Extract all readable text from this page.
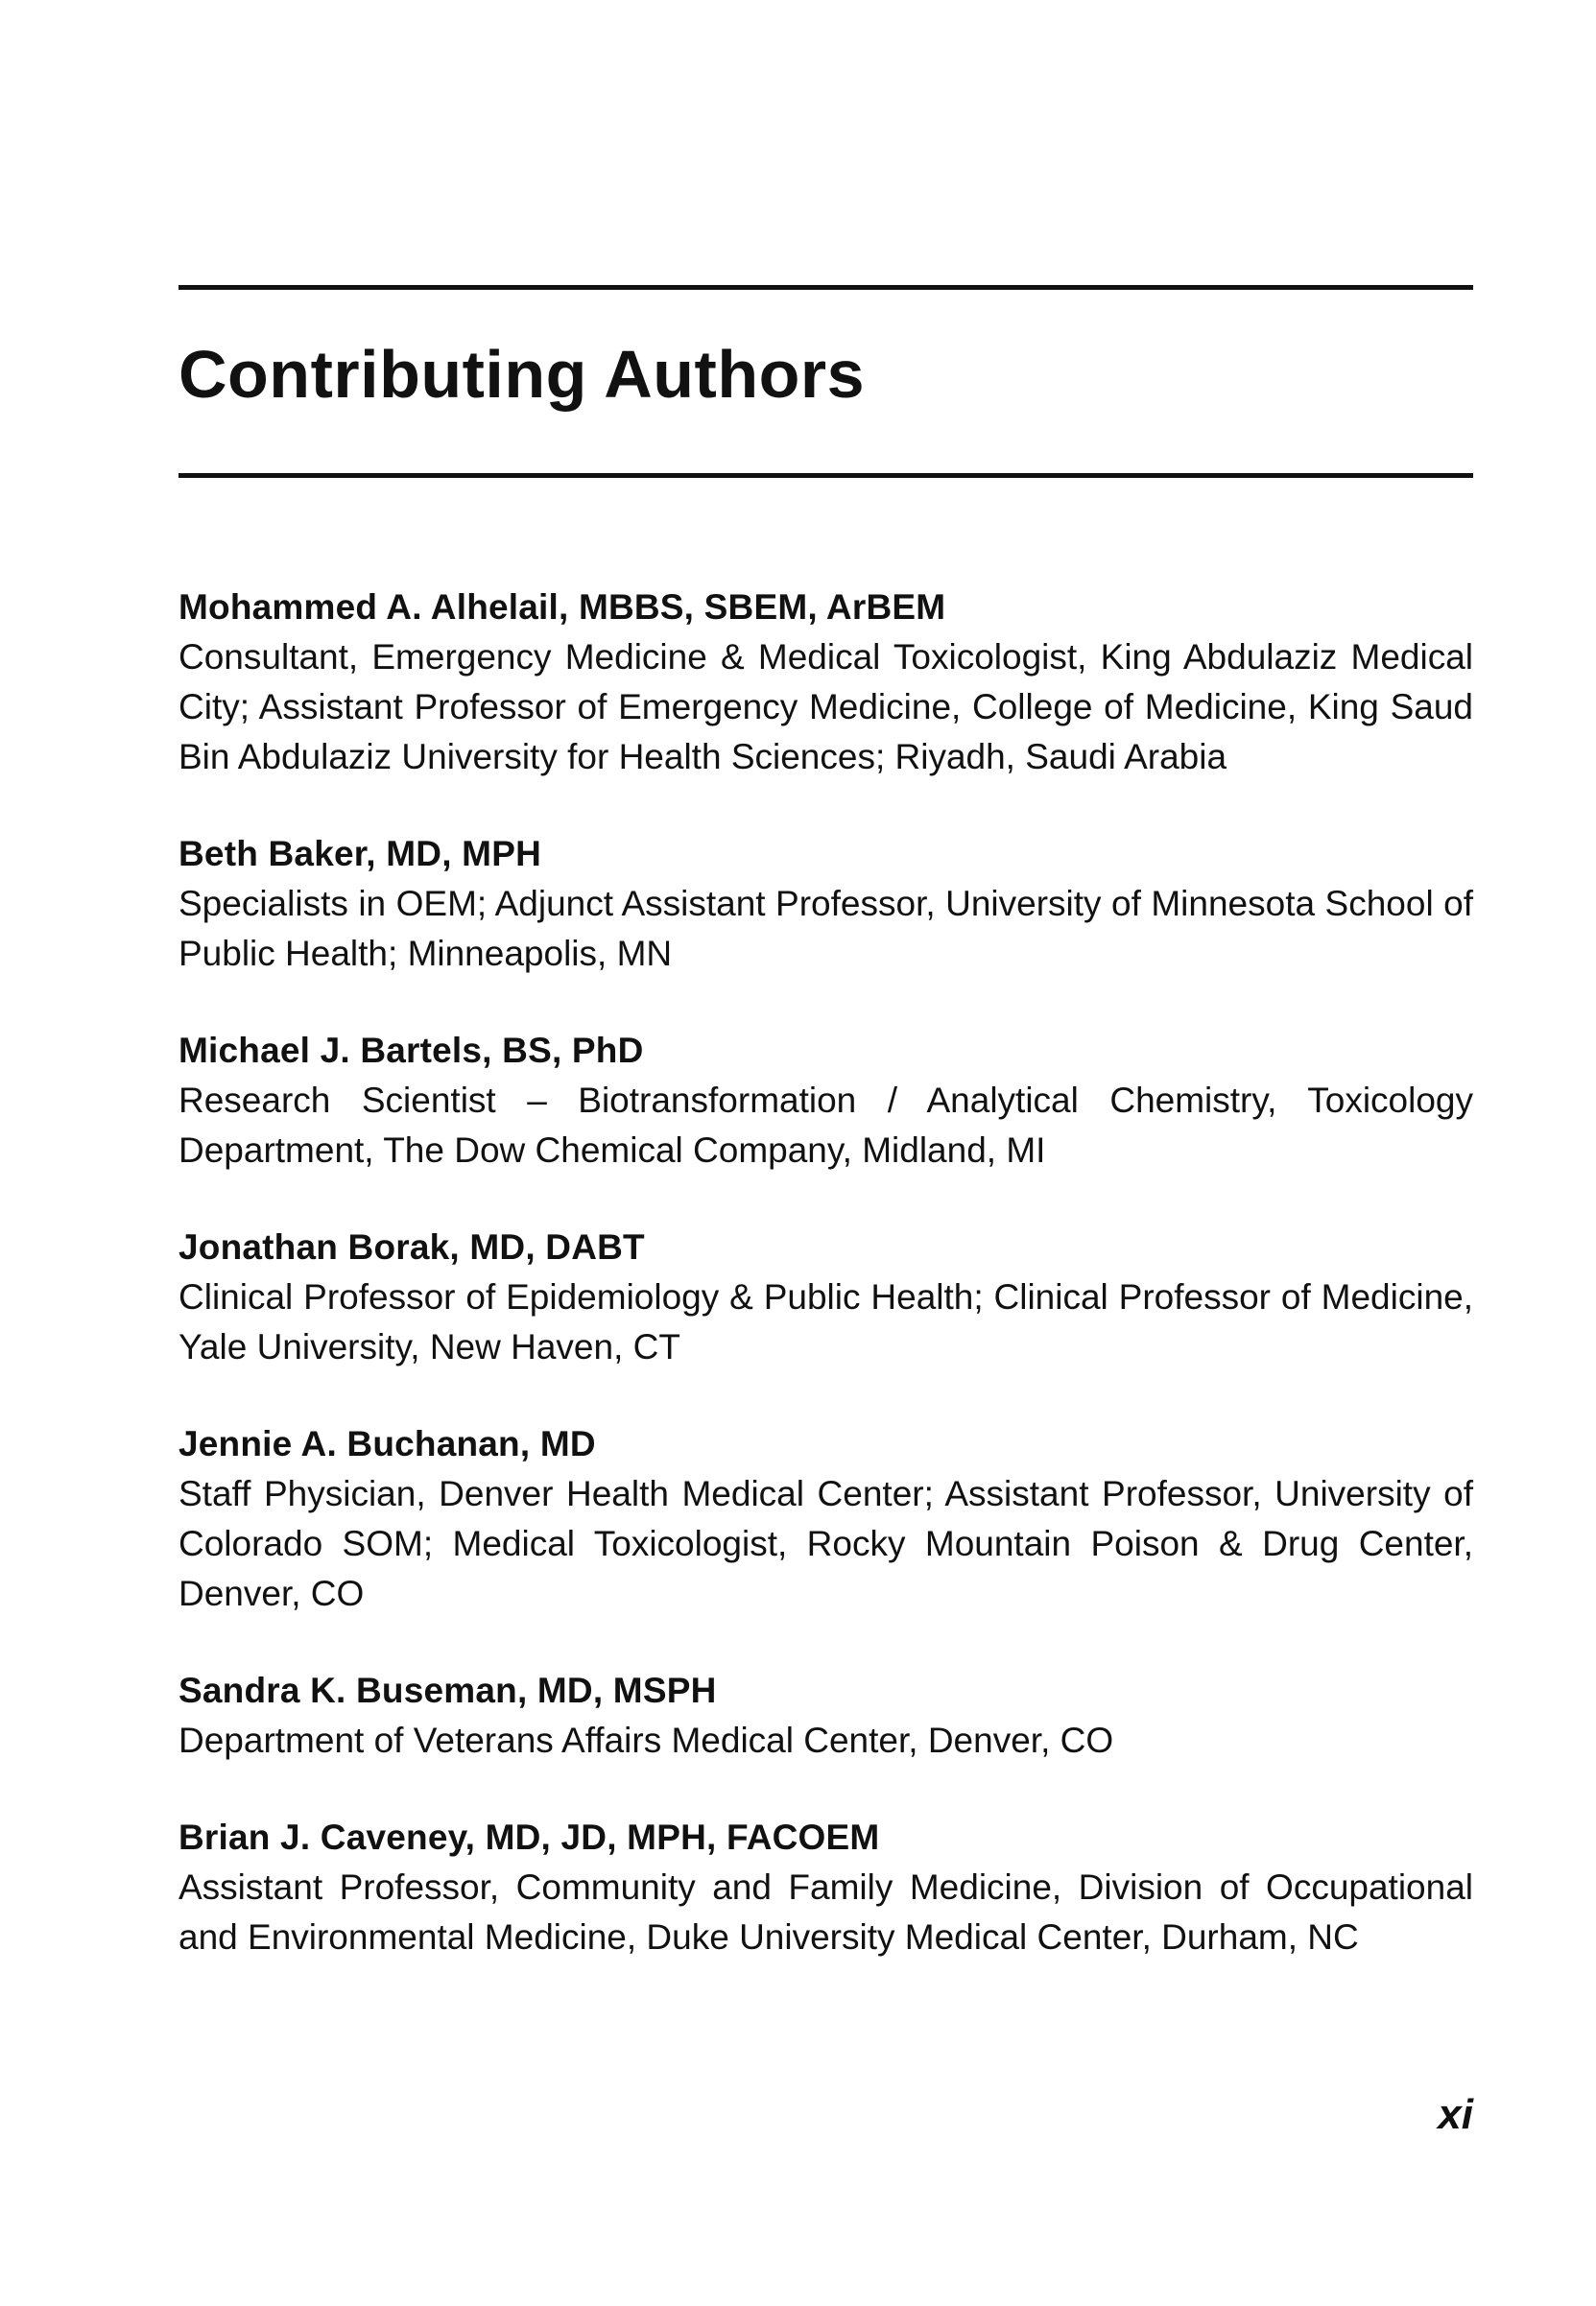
Contributing Authors

Mohammed A. Alhelail, MBBS, SBEM, ArBEM

Consultant, Emergency Medicine & Medical Toxicologist, King Abdulaziz Medical City; Assistant Professor of Emergency Medicine, College of Medicine, King Saud Bin Abdulaziz University for Health Sciences; Riyadh, Saudi Arabia

Beth Baker, MD, MPH

Specialists in OEM; Adjunct Assistant Professor, University of Minnesota School of Public Health; Minneapolis, MN

Michael J. Bartels, BS, PhD

Research Scientist – Biotransformation / Analytical Chemistry, Toxicology Department, The Dow Chemical Company, Midland, MI

Jonathan Borak, MD, DABT

Clinical Professor of Epidemiology & Public Health; Clinical Professor of Medicine, Yale University, New Haven, CT

Jennie A. Buchanan, MD

Staff Physician, Denver Health Medical Center; Assistant Professor, University of Colorado SOM; Medical Toxicologist, Rocky Mountain Poison & Drug Center, Denver, CO

Sandra K. Buseman, MD, MSPH

Department of Veterans Affairs Medical Center, Denver, CO

Brian J. Caveney, MD, JD, MPH, FACOEM

Assistant Professor, Community and Family Medicine, Division of Occupational and Environmental Medicine, Duke University Medical Center, Durham, NC

xi
